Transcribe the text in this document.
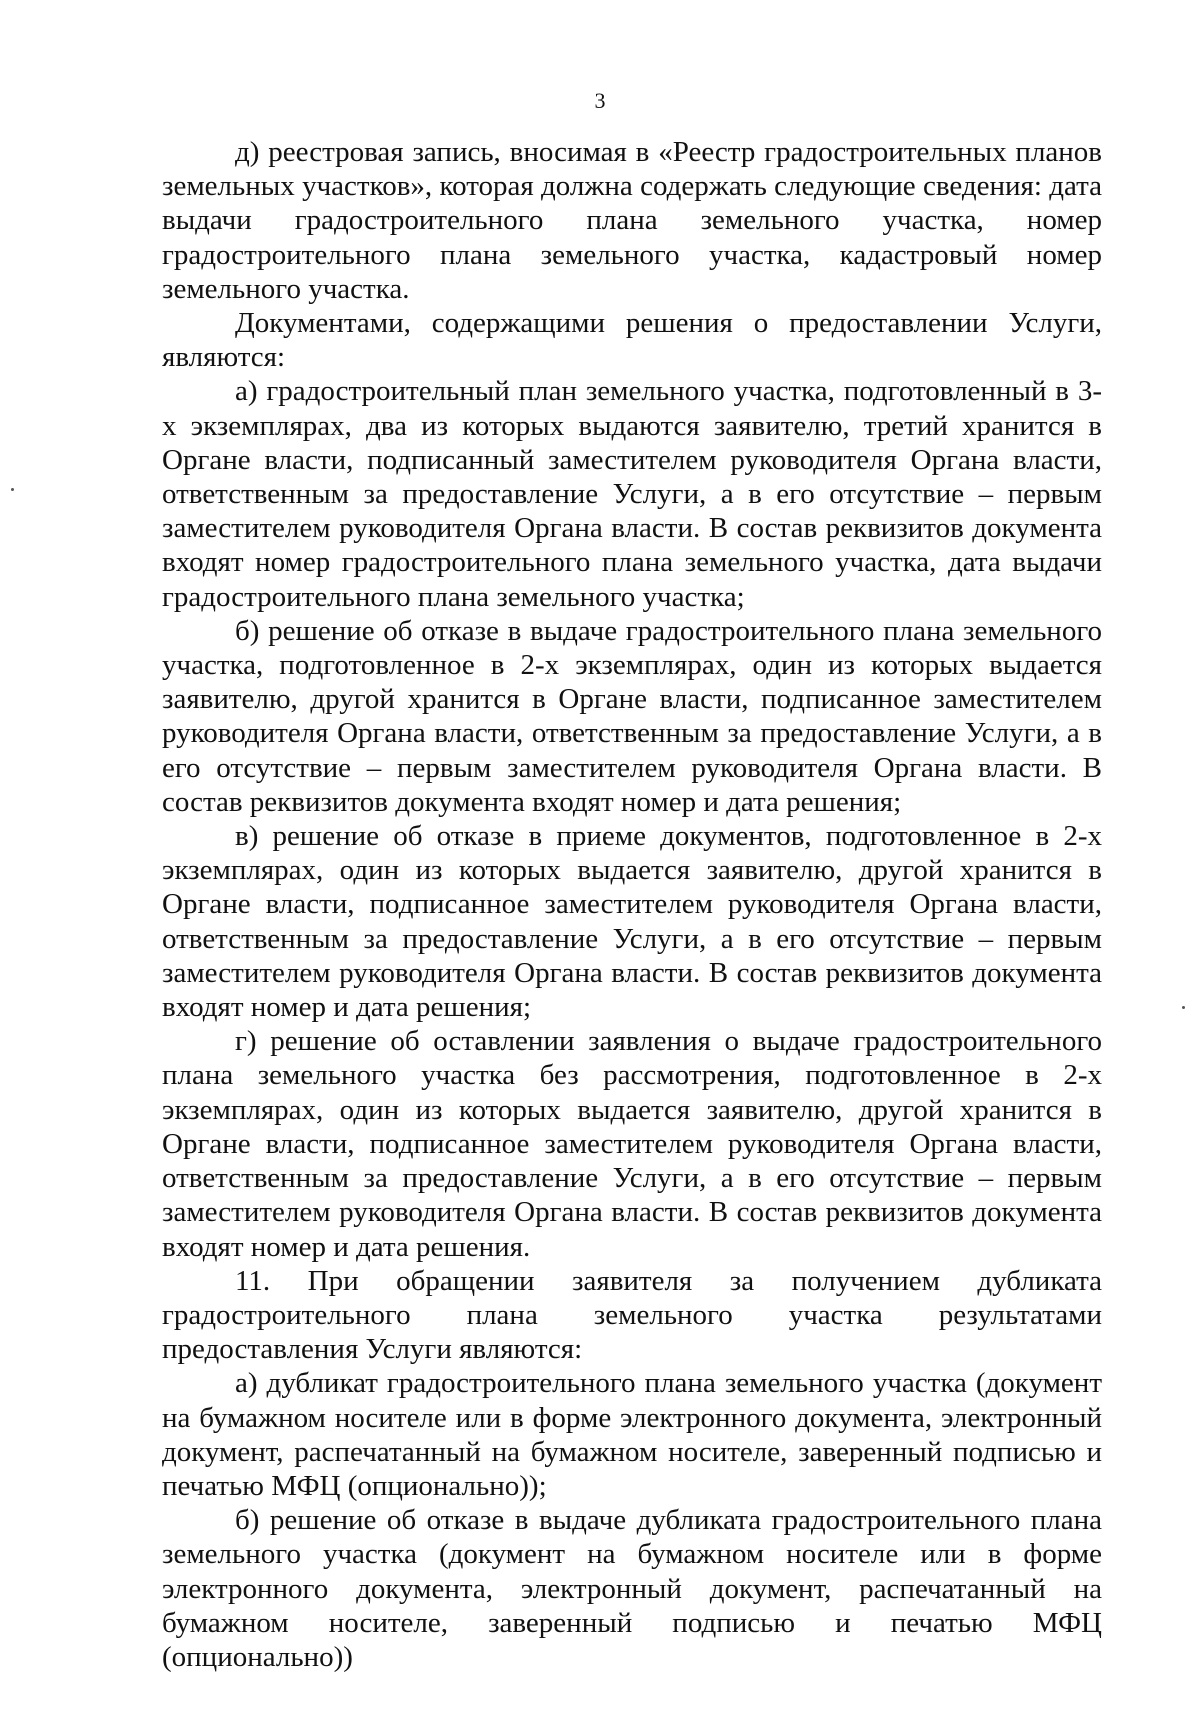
3

д) реестровая запись, вносимая в «Реестр градостроительных планов земельных участков», которая должна содержать следующие сведения: дата выдачи градостроительного плана земельного участка, номер градостроительного плана земельного участка, кадастровый номер земельного участка.

Документами, содержащими решения о предоставлении Услуги, являются:

а) градостроительный план земельного участка, подготовленный в 3-х экземплярах, два из которых выдаются заявителю, третий хранится в Органе власти, подписанный заместителем руководителя Органа власти, ответственным за предоставление Услуги, а в его отсутствие – первым заместителем руководителя Органа власти. В состав реквизитов документа входят номер градостроительного плана земельного участка, дата выдачи градостроительного плана земельного участка;

б) решение об отказе в выдаче градостроительного плана земельного участка, подготовленное в 2-х экземплярах, один из которых выдается заявителю, другой хранится в Органе власти, подписанное заместителем руководителя Органа власти, ответственным за предоставление Услуги, а в его отсутствие – первым заместителем руководителя Органа власти. В состав реквизитов документа входят номер и дата решения;

в) решение об отказе в приеме документов, подготовленное в 2-х экземплярах, один из которых выдается заявителю, другой хранится в Органе власти, подписанное заместителем руководителя Органа власти, ответственным за предоставление Услуги, а в его отсутствие – первым заместителем руководителя Органа власти. В состав реквизитов документа входят номер и дата решения;

г) решение об оставлении заявления о выдаче градостроительного плана земельного участка без рассмотрения, подготовленное в 2-х экземплярах, один из которых выдается заявителю, другой хранится в Органе власти, подписанное заместителем руководителя Органа власти, ответственным за предоставление Услуги, а в его отсутствие – первым заместителем руководителя Органа власти. В состав реквизитов документа входят номер и дата решения.

11. При обращении заявителя за получением дубликата градостроительного плана земельного участка результатами предоставления Услуги являются:

а) дубликат градостроительного плана земельного участка (документ на бумажном носителе или в форме электронного документа, электронный документ, распечатанный на бумажном носителе, заверенный подписью и печатью МФЦ (опционально));

б) решение об отказе в выдаче дубликата градостроительного плана земельного участка (документ на бумажном носителе или в форме электронного документа, электронный документ, распечатанный на бумажном носителе, заверенный подписью и печатью МФЦ (опционально))
